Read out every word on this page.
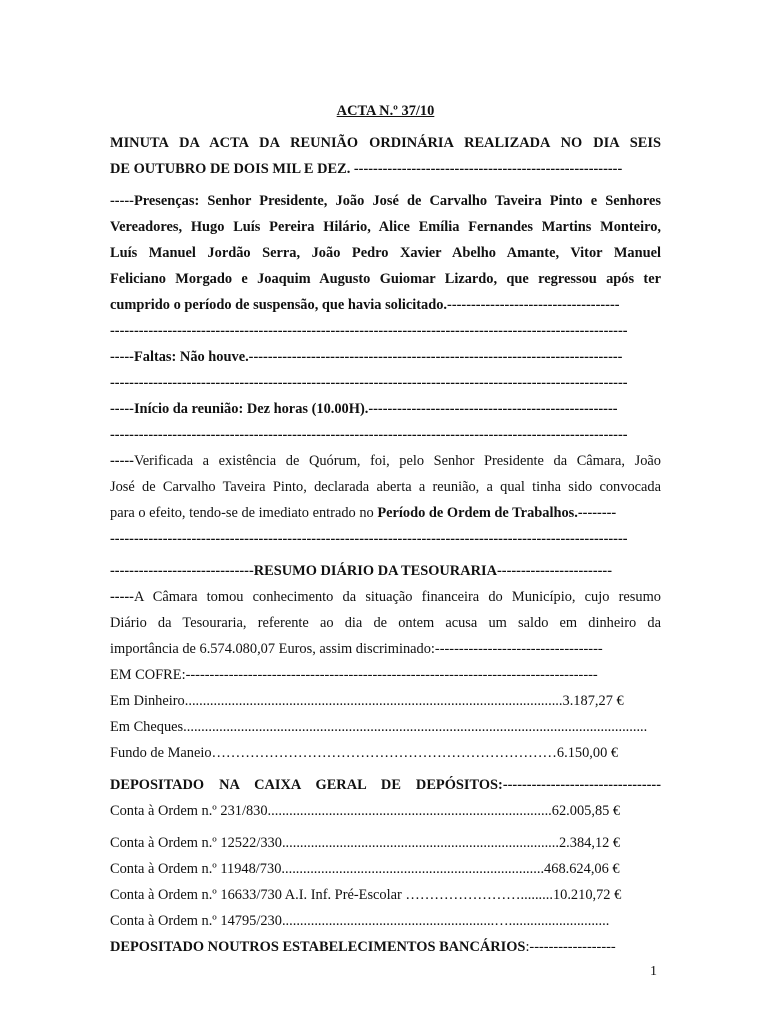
ACTA N.º 37/10
MINUTA DA ACTA DA REUNIÃO ORDINÁRIA REALIZADA NO DIA SEIS
DE OUTUBRO DE DOIS MIL E DEZ. --------------------------------------------------------
-----Presenças: Senhor Presidente, João José de Carvalho Taveira Pinto e Senhores
Vereadores, Hugo Luís Pereira Hilário, Alice Emília Fernandes Martins Monteiro,
Luís Manuel Jordão Serra, João Pedro Xavier Abelho Amante, Vitor Manuel
Feliciano Morgado e Joaquim Augusto Guiomar Lizardo, que regressou após ter
cumprido o período de suspensão, que havia solicitado.------------------------------------
------------------------------------------------------------------------------------------------------------
-----Faltas: Não houve.------------------------------------------------------------------------------
------------------------------------------------------------------------------------------------------------
-----Início da reunião: Dez horas (10.00H).----------------------------------------------------
------------------------------------------------------------------------------------------------------------
-----Verificada a existência de Quórum, foi, pelo Senhor Presidente da Câmara, João
José de Carvalho Taveira Pinto, declarada aberta a reunião, a qual tinha sido convocada
para o efeito, tendo-se de imediato entrado no Período de Ordem de Trabalhos.--------
------------------------------------------------------------------------------------------------------------
------------------------------RESUMO DIÁRIO DA TESOURARIA------------------------
-----A Câmara tomou conhecimento da situação financeira do Município, cujo resumo
Diário da Tesouraria, referente ao dia de ontem acusa um saldo em dinheiro da
importância de 6.574.080,07 Euros, assim discriminado:-----------------------------------
EM COFRE:--------------------------------------------------------------------------------------
Em Dinheiro.........................................................................................................3.187,27 €
Em Cheques.................................................................................................................................
Fundo de Maneio………………………………………………………………6.150,00 €
DEPOSITADO NA CAIXA GERAL DE DEPÓSITOS:---------------------------------
Conta à Ordem n.º 231/830...............................................................................62.005,85 €
Conta à Ordem n.º 12522/330.............................................................................2.384,12 €
Conta à Ordem n.º 11948/730.........................................................................468.624,06 €
Conta à Ordem n.º 16633/730 A.I. Inf. Pré-Escolar …………………….........10.210,72 €
Conta à Ordem n.º 14795/230...........................................................…............................
DEPOSITADO NOUTROS ESTABELECIMENTOS BANCÁRIOS:------------------
1
